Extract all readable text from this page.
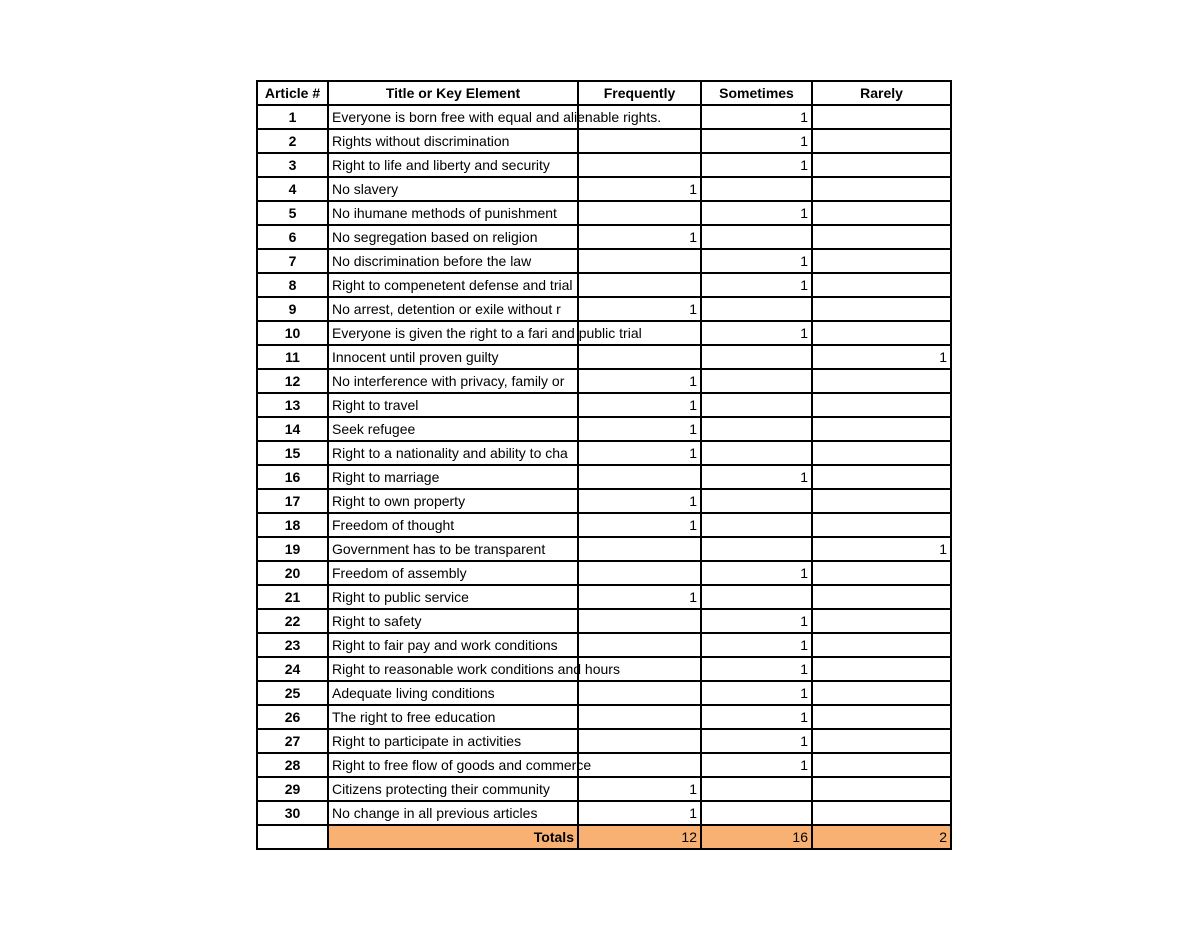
Article #	Title or Key Element	Frequently	Sometimes	Rarely
1	Everyone is born free with equal and alienable rights.		1	
2	Rights without discrimination		1	
3	Right to life and liberty and security		1	
4	No slavery	1		
5	No ihumane methods of punishment		1	
6	No segregation based on religion	1		
7	No discrimination before the law		1	
8	Right to compenetent defense and trial		1	
9	No arrest, detention or exile without r	1		
10	Everyone is given the right to a fari and public trial		1	
11	Innocent until proven guilty			1
12	No interference with privacy, family or	1		
13	Right to travel	1		
14	Seek refugee	1		
15	Right to a nationality and ability to cha	1		
16	Right to marriage		1	
17	Right to own property	1		
18	Freedom of thought	1		
19	Government has to be transparent			1
20	Freedom of assembly		1	
21	Right to public service	1		
22	Right to safety		1	
23	Right to fair pay and work conditions		1	
24	Right to reasonable work conditions and hours		1	
25	Adequate living conditions		1	
26	The right to free education		1	
27	Right to participate in activities		1	
28	Right to free flow of goods and commerce		1	
29	Citizens protecting their community	1		
30	No change in all previous articles	1		
	Totals	12	16	2
